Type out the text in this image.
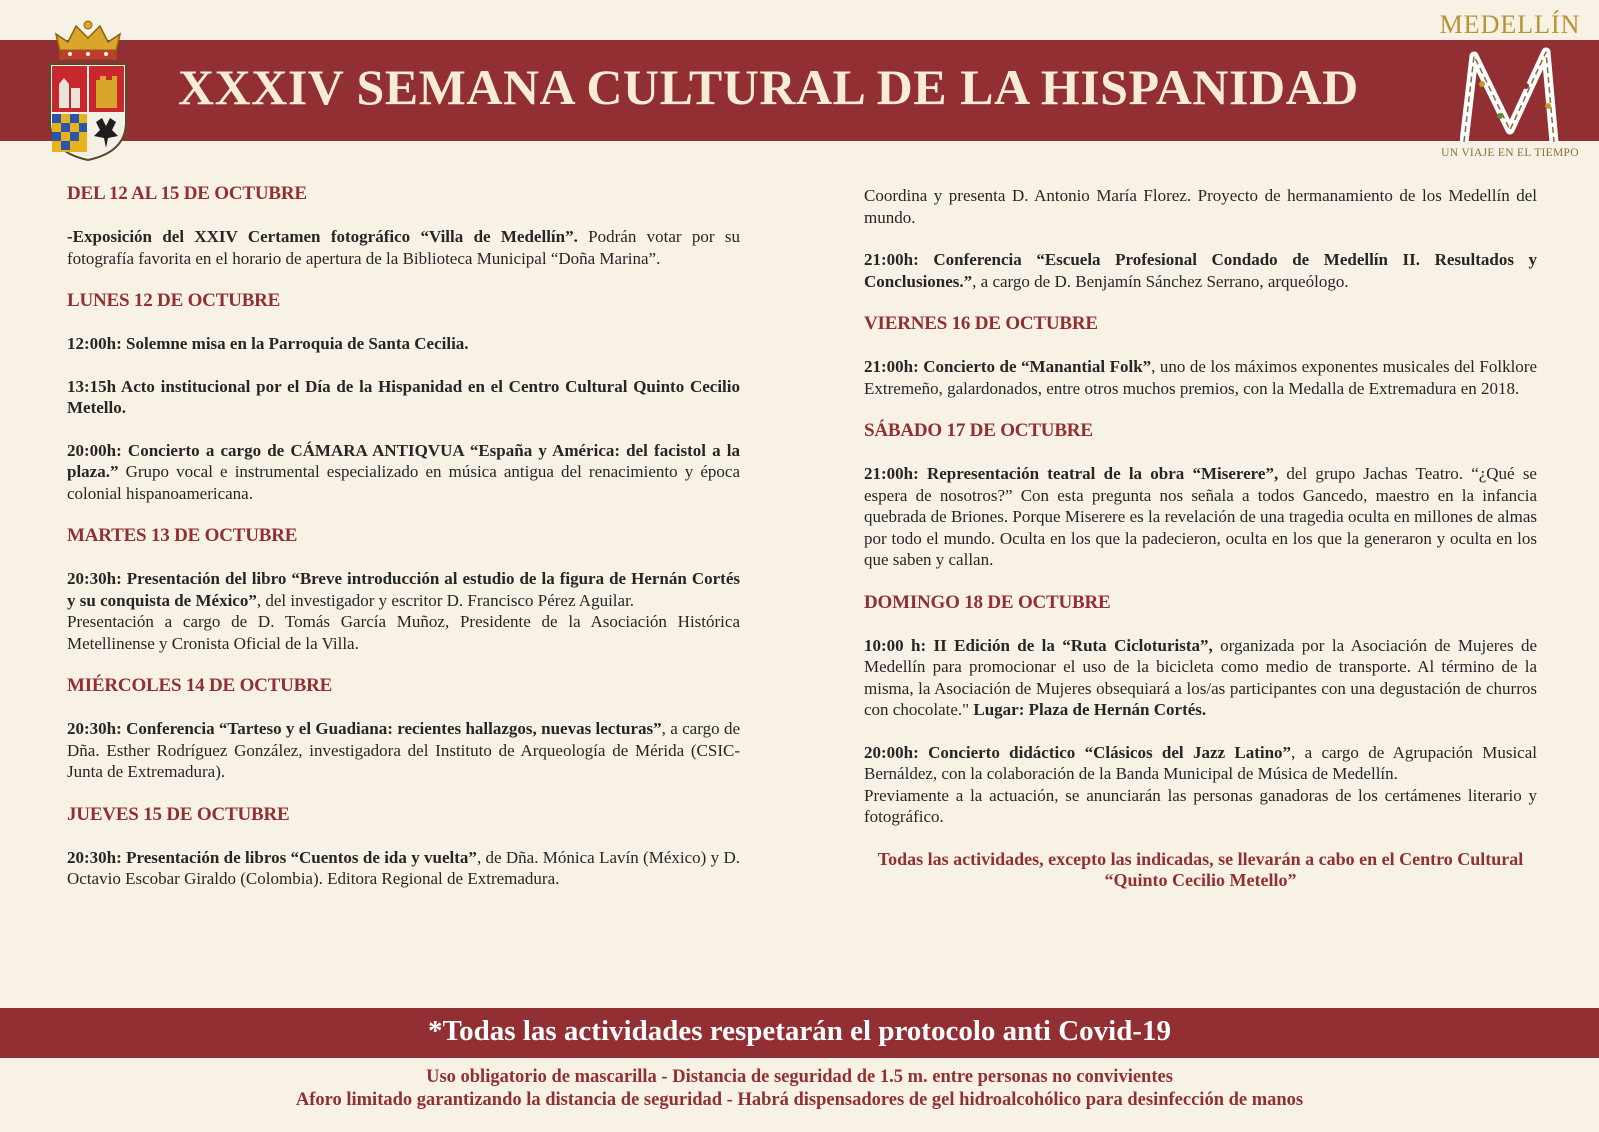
XXXIV SEMANA CULTURAL DE LA HISPANIDAD
MEDELLÍN
UN VIAJE EN EL TIEMPO
DEL 12 AL 15 DE OCTUBRE

-Exposición del XXIV Certamen fotográfico “Villa de Medellín”. Podrán votar por su fotografía favorita en el horario de apertura de la Biblioteca Municipal “Doña Marina”.

LUNES 12 DE OCTUBRE

12:00h: Solemne misa en la Parroquia de Santa Cecilia.

13:15h Acto institucional por el Día de la Hispanidad en el Centro Cultural Quinto Cecilio Metello.

20:00h: Concierto a cargo de CÁMARA ANTIQVUA “España y América: del facistol a la plaza.” Grupo vocal e instrumental especializado en música antigua del renacimiento y época colonial hispanoamericana.

MARTES 13 DE OCTUBRE

20:30h: Presentación del libro “Breve introducción al estudio de la figura de Hernán Cortés y su conquista de México”, del investigador y escritor D. Francisco Pérez Aguilar.
Presentación a cargo de D. Tomás García Muñoz, Presidente de la Asociación Histórica Metellinense y Cronista Oficial de la Villa.

MIÉRCOLES 14 DE OCTUBRE

20:30h: Conferencia “Tarteso y el Guadiana: recientes hallazgos, nuevas lecturas”, a cargo de Dña. Esther Rodríguez González, investigadora del Instituto de Arqueología de Mérida (CSIC-Junta de Extremadura).

JUEVES 15 DE OCTUBRE

20:30h: Presentación de libros “Cuentos de ida y vuelta”, de Dña. Mónica Lavín (México) y D. Octavio Escobar Giraldo (Colombia). Editora Regional de Extremadura.

Coordina y presenta D. Antonio María Florez. Proyecto de hermanamiento de los Medellín del mundo.

21:00h: Conferencia “Escuela Profesional Condado de Medellín II. Resultados y Conclusiones.”, a cargo de D. Benjamín Sánchez Serrano, arqueólogo.

VIERNES 16 DE OCTUBRE

21:00h: Concierto de “Manantial Folk”, uno de los máximos exponentes musicales del Folklore Extremeño, galardonados, entre otros muchos premios, con la Medalla de Extremadura en 2018.

SÁBADO 17 DE OCTUBRE

21:00h: Representación teatral de la obra “Miserere”, del grupo Jachas Teatro. “¿Qué se espera de nosotros?” Con esta pregunta nos señala a todos Gancedo, maestro en la infancia quebrada de Briones. Porque Miserere es la revelación de una tragedia oculta en millones de almas por todo el mundo. Oculta en los que la padecieron, oculta en los que la generaron y oculta en los que saben y callan.

DOMINGO 18 DE OCTUBRE

10:00 h: II Edición de la “Ruta Cicloturista”, organizada por la Asociación de Mujeres de Medellín para promocionar el uso de la bicicleta como medio de transporte. Al término de la misma, la Asociación de Mujeres obsequiará a los/as participantes con una degustación de churros con chocolate." Lugar: Plaza de Hernán Cortés.

20:00h: Concierto didáctico “Clásicos del Jazz Latino”, a cargo de Agrupación Musical Bernáldez, con la colaboración de la Banda Municipal de Música de Medellín.
Previamente a la actuación, se anunciarán las personas ganadoras de los certámenes literario y fotográfico.

Todas las actividades, excepto las indicadas, se llevarán a cabo en el Centro Cultural “Quinto Cecilio Metello”
*Todas las actividades respetarán el protocolo anti Covid-19
Uso obligatorio de mascarilla - Distancia de seguridad de 1.5 m. entre personas no convivientes
Aforo limitado garantizando la distancia de seguridad - Habrá dispensadores de gel hidroalcohólico para desinfección de manos
